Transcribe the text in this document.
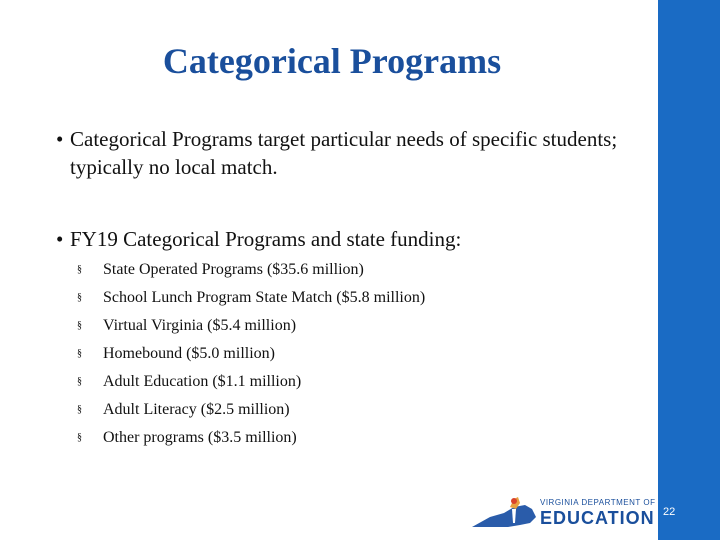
Categorical Programs
• Categorical Programs target particular needs of specific students; typically no local match.
• FY19 Categorical Programs and state funding:
§ State Operated Programs ($35.6 million)
§ School Lunch Program State Match ($5.8 million)
§ Virtual Virginia ($5.4 million)
§ Homebound ($5.0 million)
§ Adult Education ($1.1 million)
§ Adult Literacy ($2.5 million)
§ Other programs ($3.5 million)
VIRGINIA DEPARTMENT OF
EDUCATION 22
